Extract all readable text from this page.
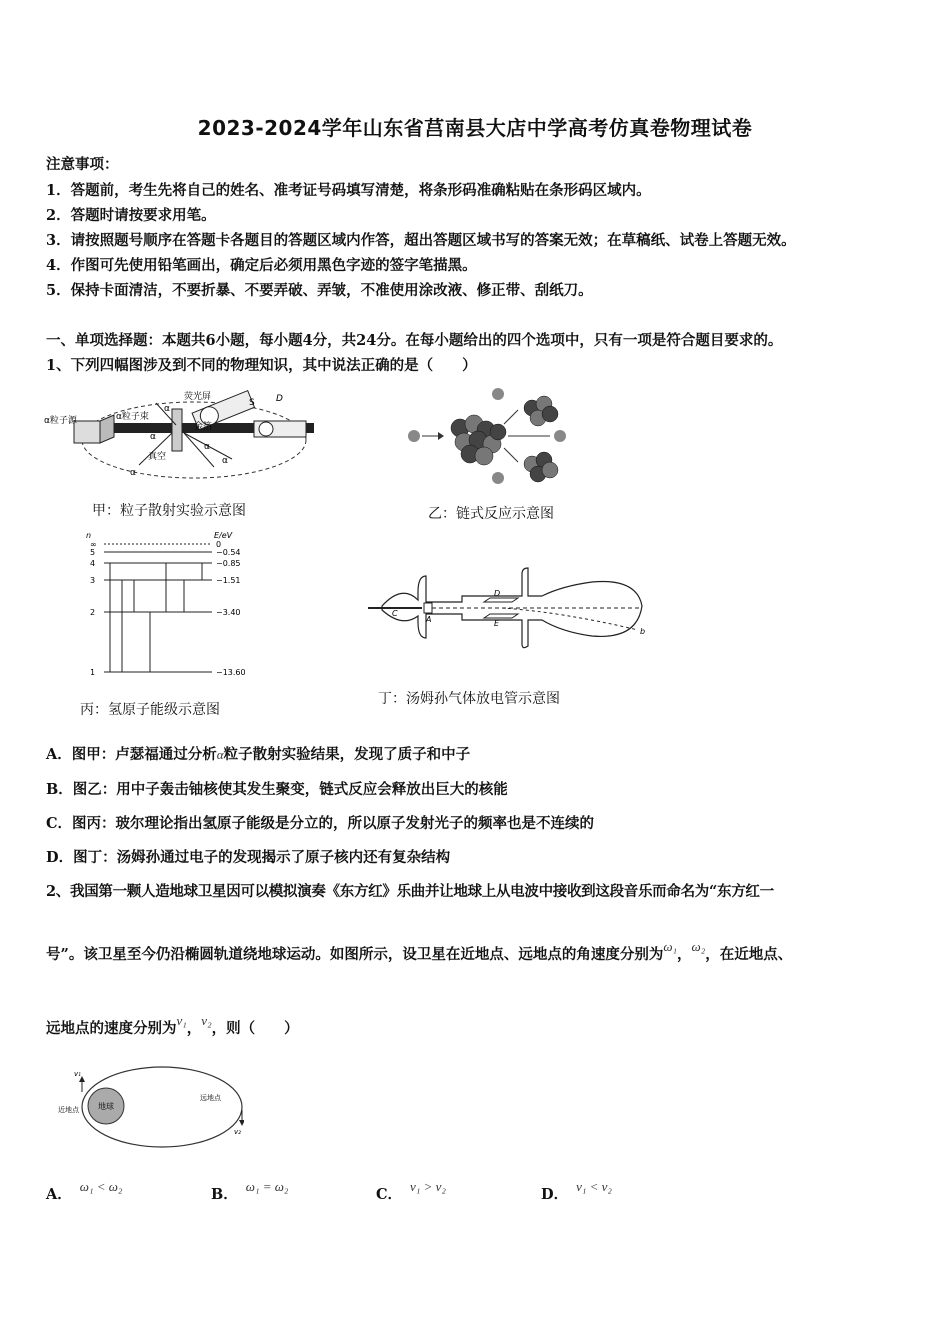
2023-2024学年山东省莒南县大店中学高考仿真卷物理试卷
注意事项：
1．答题前，考生先将自己的姓名、准考证号码填写清楚，将条形码准确粘贴在条形码区域内。
2．答题时请按要求用笔。
3．请按照题号顺序在答题卡各题目的答题区域内作答，超出答题区域书写的答案无效；在草稿纸、试卷上答题无效。
4．作图可先使用铅笔画出，确定后必须用黑色字迹的签字笔描黑。
5．保持卡面清洁，不要折暴、不要弄破、弄皱，不准使用涂改液、修正带、刮纸刀。
一、单项选择题：本题共6小题，每小题4分，共24分。在每小题给出的四个选项中，只有一项是符合题目要求的。
1、下列四幅图涉及到不同的物理知识，其中说法正确的是（　　）
α粒子源	α粒子束
荧光屏
金箔
真空
α
α
α
α
α
S D
甲：粒子散射实验示意图	乙：链式反应示意图
n	E/eV
∞	0
5	−0.54
4	−0.85
3	−1.51
2	−3.40
1	−13.60
丙：氢原子能级示意图
C
A
D
E
b
丁：汤姆孙气体放电管示意图
A．图甲：卢瑟福通过分析α粒子散射实验结果，发现了质子和中子
B．图乙：用中子轰击铀核使其发生聚变，链式反应会释放出巨大的核能
C．图丙：玻尔理论指出氢原子能级是分立的，所以原子发射光子的频率也是不连续的
D．图丁：汤姆孙通过电子的发现揭示了原子核内还有复杂结构
2、我国第一颗人造地球卫星因可以模拟演奏《东方红》乐曲并让地球上从电波中接收到这段音乐而命名为“东方红一
号”。该卫星至今仍沿椭圆轨道绕地球运动。如图所示，设卫星在近地点、远地点的角速度分别为ω₁，ω₂，在近地点、
远地点的速度分别为v₁，v₂，则（　　）
地球
近地点
远地点
v₁
v₂
A． ω₁ < ω₂	B． ω₁ = ω₂	C． v₁ > v₂	D． v₁ < v₂
